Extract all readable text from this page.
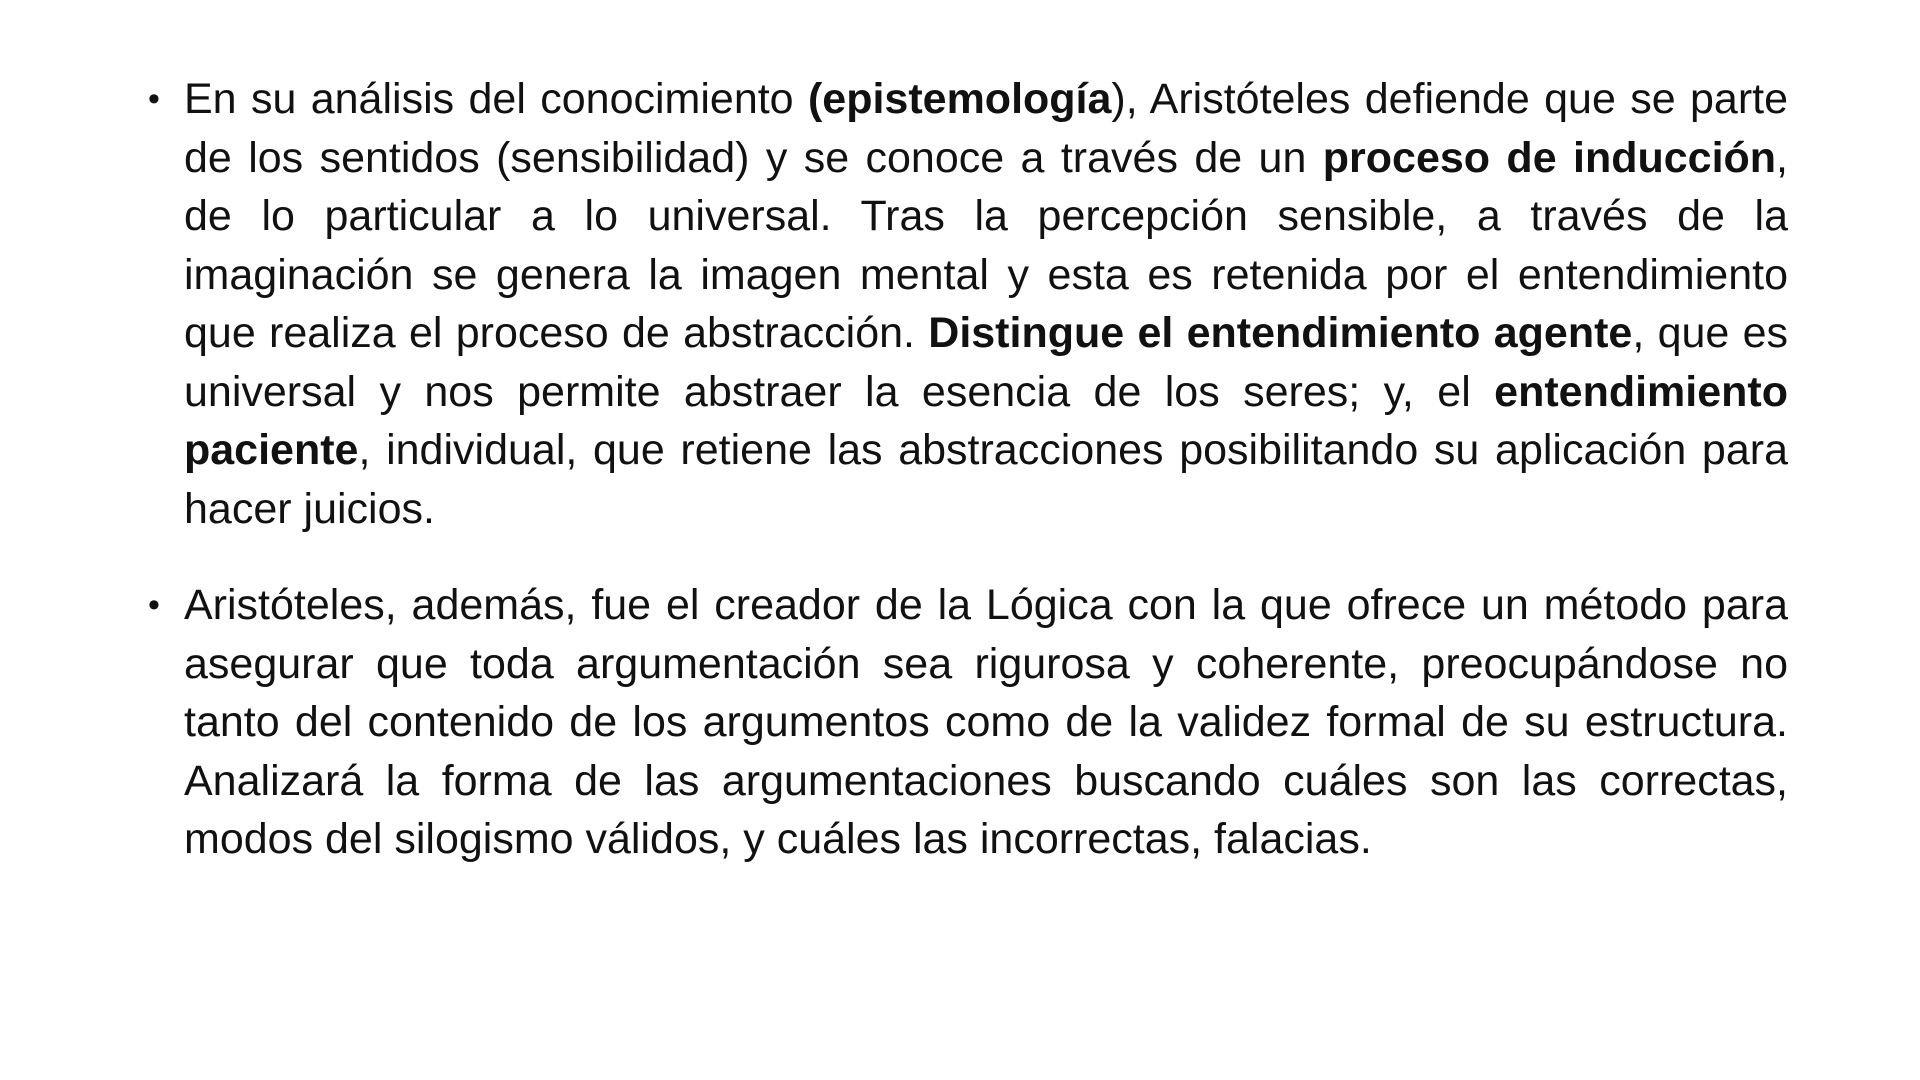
• En su análisis del conocimiento (epistemología), Aristóteles defiende que se parte de los sentidos (sensibilidad) y se conoce a través de un proceso de inducción, de lo particular a lo universal. Tras la percepción sensible, a través de la imaginación se genera la imagen mental y esta es retenida por el entendimiento que realiza el proceso de abstracción. Distingue el entendimiento agente, que es universal y nos permite abstraer la esencia de los seres; y, el entendimiento paciente, individual, que retiene las abstracciones posibilitando su aplicación para hacer juicios.
• Aristóteles, además, fue el creador de la Lógica con la que ofrece un método para asegurar que toda argumentación sea rigurosa y coherente, preocupándose no tanto del contenido de los argumentos como de la validez formal de su estructura. Analizará la forma de las argumentaciones buscando cuáles son las correctas, modos del silogismo válidos, y cuáles las incorrectas, falacias.
